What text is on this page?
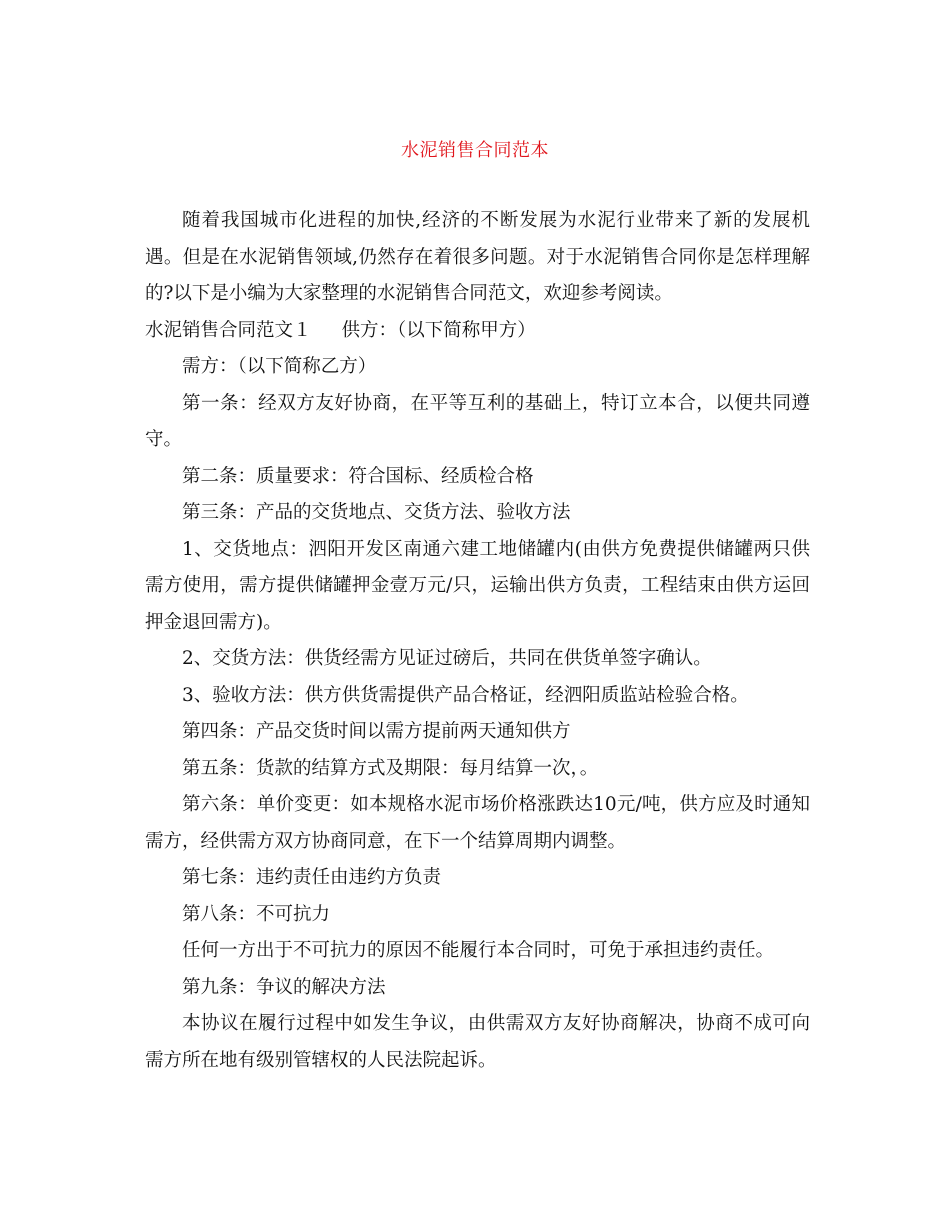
水泥销售合同范本

随着我国城市化进程的加快,经济的不断发展为水泥行业带来了新的发展机遇。但是在水泥销售领域,仍然存在着很多问题。对于水泥销售合同你是怎样理解的?以下是小编为大家整理的水泥销售合同范文，欢迎参考阅读。

水泥销售合同范文１ 供方：（以下简称甲方）

需方：（以下简称乙方）

第一条：经双方友好协商，在平等互利的基础上，特订立本合，以便共同遵守。

第二条：质量要求：符合国标、经质检合格

第三条：产品的交货地点、交货方法、验收方法

1、交货地点：泗阳开发区南通六建工地储罐内(由供方免费提供储罐两只供需方使用，需方提供储罐押金壹万元/只，运输出供方负责，工程结束由供方运回押金退回需方)。

2、交货方法：供货经需方见证过磅后，共同在供货单签字确认。

3、验收方法：供方供货需提供产品合格证，经泗阳质监站检验合格。

第四条：产品交货时间以需方提前两天通知供方

第五条：货款的结算方式及期限：每月结算一次，。

第六条：单价变更：如本规格水泥市场价格涨跌达10元/吨，供方应及时通知需方，经供需方双方协商同意，在下一个结算周期内调整。

第七条：违约责任由违约方负责

第八条：不可抗力

任何一方出于不可抗力的原因不能履行本合同时，可免于承担违约责任。

第九条：争议的解决方法

本协议在履行过程中如发生争议，由供需双方友好协商解决，协商不成可向需方所在地有级别管辖权的人民法院起诉。
